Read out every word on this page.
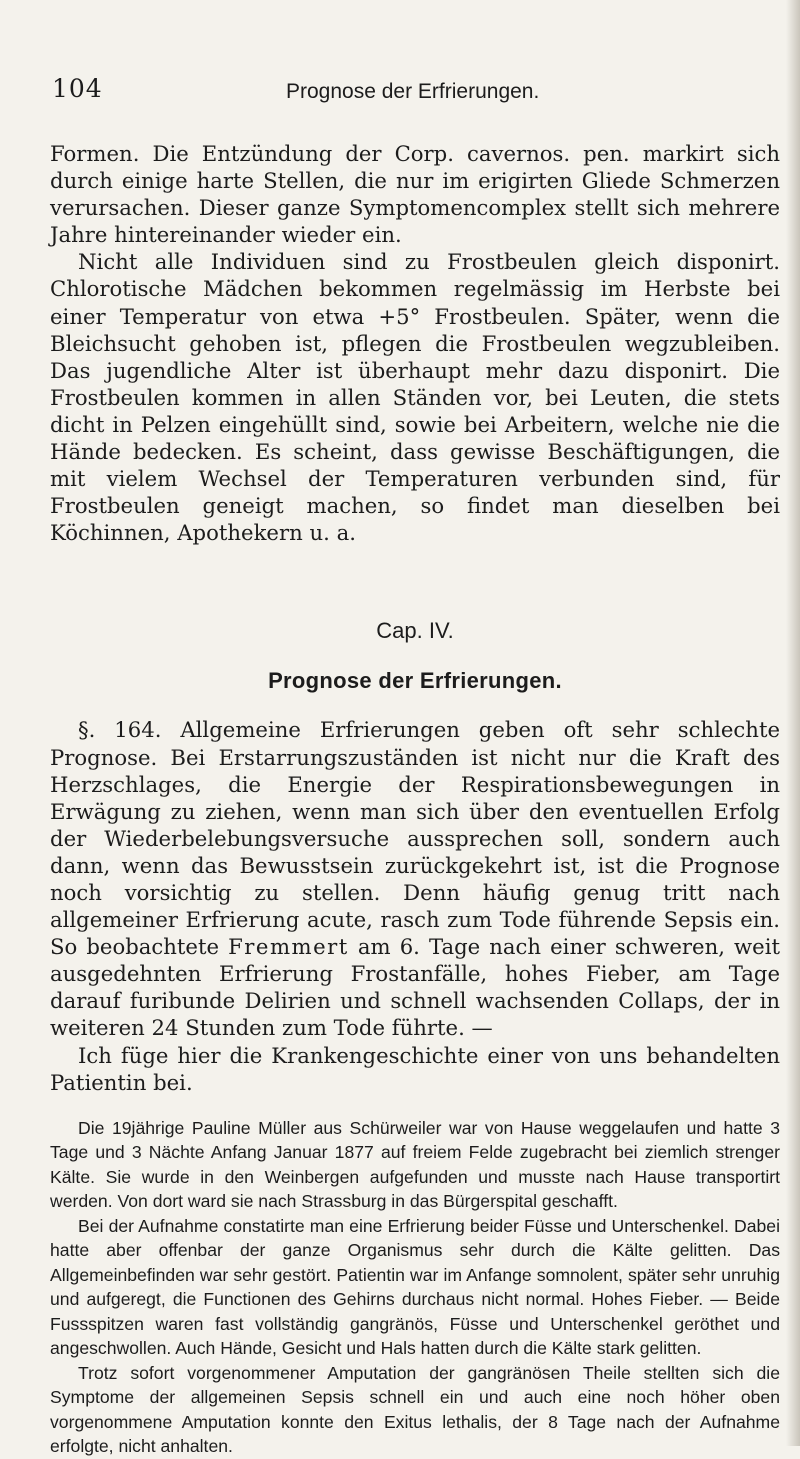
104	Prognose der Erfrierungen.

Formen. Die Entzündung der Corp. cavernos. pen. markirt sich durch einige harte Stellen, die nur im erigirten Gliede Schmerzen verursachen. Dieser ganze Symptomencomplex stellt sich mehrere Jahre hintereinander wieder ein.

Nicht alle Individuen sind zu Frostbeulen gleich disponirt. Chlorotische Mädchen bekommen regelmässig im Herbste bei einer Temperatur von etwa +5° Frostbeulen. Später, wenn die Bleichsucht gehoben ist, pflegen die Frostbeulen wegzubleiben. Das jugendliche Alter ist überhaupt mehr dazu disponirt. Die Frostbeulen kommen in allen Ständen vor, bei Leuten, die stets dicht in Pelzen eingehüllt sind, sowie bei Arbeitern, welche nie die Hände bedecken. Es scheint, dass gewisse Beschäftigungen, die mit vielem Wechsel der Temperaturen verbunden sind, für Frostbeulen geneigt machen, so findet man dieselben bei Köchinnen, Apothekern u. a.

Cap. IV.
Prognose der Erfrierungen.

§. 164. Allgemeine Erfrierungen geben oft sehr schlechte Prognose. Bei Erstarrungszuständen ist nicht nur die Kraft des Herzschlages, die Energie der Respirationsbewegungen in Erwägung zu ziehen, wenn man sich über den eventuellen Erfolg der Wiederbelebungsversuche aussprechen soll, sondern auch dann, wenn das Bewusstsein zurückgekehrt ist, ist die Prognose noch vorsichtig zu stellen. Denn häufig genug tritt nach allgemeiner Erfrierung acute, rasch zum Tode führende Sepsis ein. So beobachtete Fremmert am 6. Tage nach einer schweren, weit ausgedehnten Erfrierung Frostanfälle, hohes Fieber, am Tage darauf furibunde Delirien und schnell wachsenden Collaps, der in weiteren 24 Stunden zum Tode führte. —

Ich füge hier die Krankengeschichte einer von uns behandelten Patientin bei.

Die 19jährige Pauline Müller aus Schürweiler war von Hause weggelaufen und hatte 3 Tage und 3 Nächte Anfang Januar 1877 auf freiem Felde zugebracht bei ziemlich strenger Kälte. Sie wurde in den Weinbergen aufgefunden und musste nach Hause transportirt werden. Von dort ward sie nach Strassburg in das Bürgerspital geschafft.

Bei der Aufnahme constatirte man eine Erfrierung beider Füsse und Unterschenkel. Dabei hatte aber offenbar der ganze Organismus sehr durch die Kälte gelitten. Das Allgemeinbefinden war sehr gestört. Patientin war im Anfange somnolent, später sehr unruhig und aufgeregt, die Functionen des Gehirns durchaus nicht normal. Hohes Fieber. — Beide Fussspitzen waren fast vollständig gangränös, Füsse und Unterschenkel geröthet und angeschwollen. Auch Hände, Gesicht und Hals hatten durch die Kälte stark gelitten.

Trotz sofort vorgenommener Amputation der gangränösen Theile stellten sich die Symptome der allgemeinen Sepsis schnell ein und auch eine noch höher oben vorgenommene Amputation konnte den Exitus lethalis, der 8 Tage nach der Aufnahme erfolgte, nicht anhalten.
